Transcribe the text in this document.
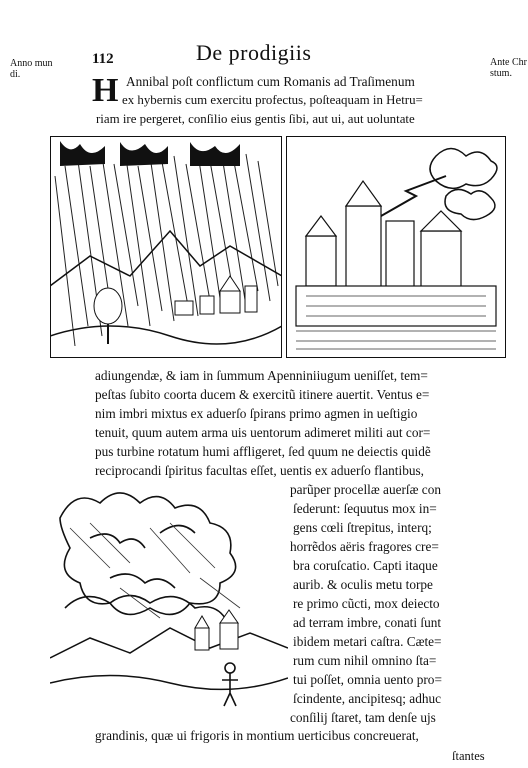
Anno mun
di.
112	De prodigiis	Ante Chr
stum.
H Annibal poſt conflictum cum Romanis ad Traſimenum
ex hybernis cum exercitu profectus, poſteaquam in Hetru=
riam ire pergeret, conſilio eius gentis ſibi, aut ui, aut uoluntate
adiungendæ, & iam in ſummum Apenniniiugum ueniſſet, tem=
peſtas ſubito coorta ducem & exercitũ itinere auertit. Ventus e=
nim imbri mixtus ex aduerſo ſpirans primo agmen in ueſtigio
tenuit, quum autem arma uis uentorum adimeret militi aut cor=
pus turbine rotatum humi affligeret, ſed quum ne deiectis quidẽ
reciprocandi ſpiritus facultas eſſet, uentis ex aduerſo flantibus,
parũper procellæ auerſæ con
ſederunt: ſequutus mox in=
gens cœli ſtrepitus, interq;
horrẽdos aëris fragores cre=
bra coruſcatio. Capti itaque
aurib. & oculis metu torpe
re primo cũcti, mox deiecto
ad terram imbre, conati ſunt
ibidem metari caſtra. Cæte=
rum cum nihil omnino ſta=
tui poſſet, omnia uento pro=
ſcindente, ancipitesq; adhuc
conſilij ſtaret, tam denſe ujs
grandinis, quæ ui frigoris in montium uerticibus concreuerat,
ſtantes
